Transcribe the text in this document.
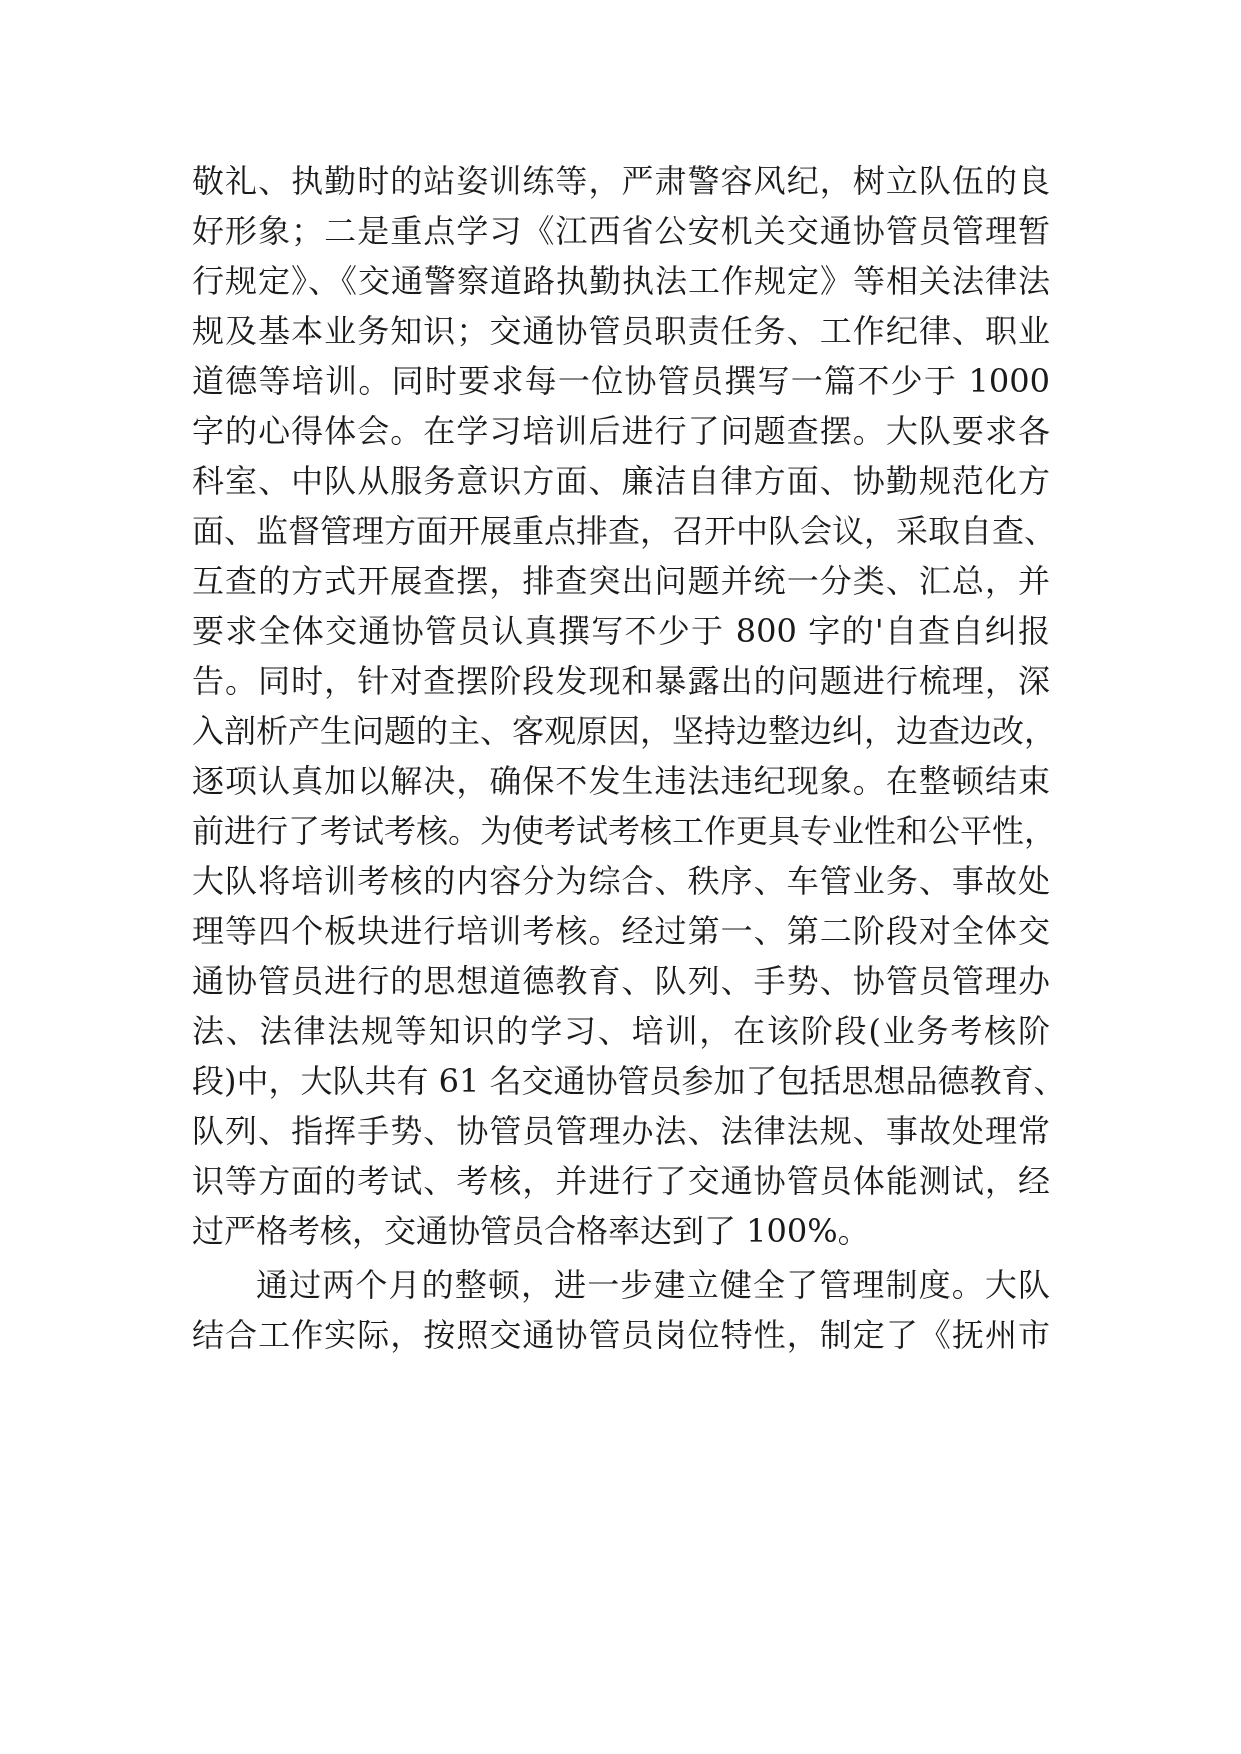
敬礼、执勤时的站姿训练等，严肃警容风纪，树立队伍的良
好形象；二是重点学习《江西省公安机关交通协管员管理暂
行规定》、《交通警察道路执勤执法工作规定》等相关法律法
规及基本业务知识；交通协管员职责任务、工作纪律、职业
道德等培训。同时要求每一位协管员撰写一篇不少于 1000
字的心得体会。在学习培训后进行了问题查摆。大队要求各
科室、中队从服务意识方面、廉洁自律方面、协勤规范化方
面、监督管理方面开展重点排查，召开中队会议，采取自查、
互查的方式开展查摆，排查突出问题并统一分类、汇总，并
要求全体交通协管员认真撰写不少于 800 字的'自查自纠报
告。同时，针对查摆阶段发现和暴露出的问题进行梳理，深
入剖析产生问题的主、客观原因，坚持边整边纠，边查边改，
逐项认真加以解决，确保不发生违法违纪现象。在整顿结束
前进行了考试考核。为使考试考核工作更具专业性和公平性，
大队将培训考核的内容分为综合、秩序、车管业务、事故处
理等四个板块进行培训考核。经过第一、第二阶段对全体交
通协管员进行的思想道德教育、队列、手势、协管员管理办
法、法律法规等知识的学习、培训，在该阶段(业务考核阶
段)中，大队共有 61 名交通协管员参加了包括思想品德教育、
队列、指挥手势、协管员管理办法、法律法规、事故处理常
识等方面的考试、考核，并进行了交通协管员体能测试，经
过严格考核，交通协管员合格率达到了 100%。
通过两个月的整顿，进一步建立健全了管理制度。大队
结合工作实际，按照交通协管员岗位特性，制定了《抚州市
